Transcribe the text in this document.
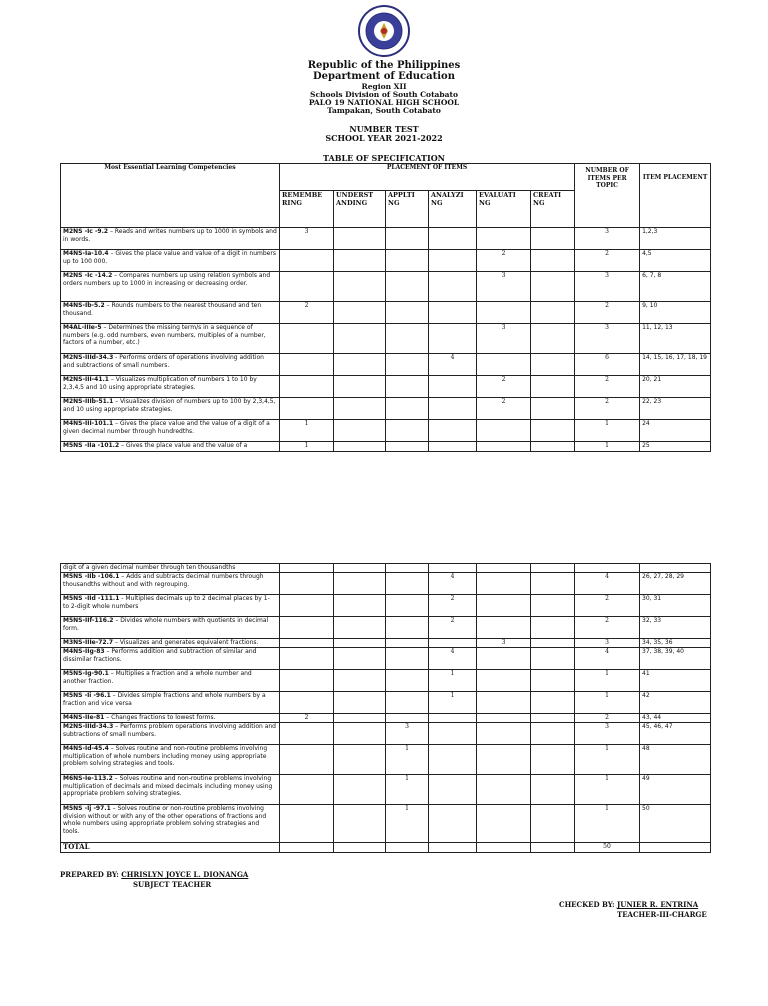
Republic of the Philippines
Department of Education
Region XII
Schools Division of South Cotabato
PALO 19 NATIONAL HIGH SCHOOL
Tampakan, South Cotabato
NUMBER TEST
SCHOOL YEAR 2021-2022
TABLE OF SPECIFICATION
Most Essential Learning Competencies	PLACEMENT OF ITEMS						NUMBER OF ITEMS PER TOPIC	ITEM PLACEMENT
	REMEMBE RING	UNDERST ANDING	APPLTI NG	ANALYZI NG	EVALUATI NG	CREATI NG		
M2NS -Ic -9.2 – Reads and writes numbers up to 1000 in symbols and in words.	3						3	1,2,3
M4NS-Ia-10.4 – Gives the place value and value of a digit in numbers up to 100 000.					2		2	4,5
M2NS -Ic -14.2 – Compares numbers up using relation symbols and orders numbers up to 1000 in increasing or decreasing order.					3		3	6, 7, 8
M4NS-Ib-5.2 – Rounds numbers to the nearest thousand and ten thousand.	2						2	9, 10
M4AL-IIIe-5 – Determines the missing term/s in a sequence of numbers (e.g. odd numbers, even numbers, multiples of a number, factors of a number, etc.)					3		3	11, 12, 13
M2NS-IIId-34.3 - Performs orders of operations involving addition and subtractions of small numbers.				4			6	14, 15, 16, 17, 18, 19
M2NS-III-41.1 – Visualizes multiplication of numbers 1 to 10 by 2,3,4,5 and 10 using appropriate strategies.					2		2	20, 21
M2NS-IIIb-51.1 – Visualizes division of numbers up to 100 by 2,3,4,5, and 10 using appropriate strategies.					2		2	22, 23
M4NS-III-101.1 – Gives the place value and the value of a digit of a given decimal number through hundredths.	1						1	24
M5NS -IIa -101.2 – Gives the place value and the value of a	1						1	25
digit of a given decimal number through ten thousandths								
M5NS -IIb -106.1 – Adds and subtracts decimal numbers through thousandths without and with regrouping.				4			4	26, 27, 28, 29
M5NS -IId -111.1 - Multiplies decimals up to 2 decimal places by 1- to 2-digit whole numbers				2			2	30, 31
M5NS-IIf-116.2 – Divides whole numbers with quotients in decimal form.				2			2	32, 33
M3NS-IIIe-72.7 – Visualizes and generates equivalent fractions.					3		3	34, 35, 36
M4NS-IIg-83 – Performs addition and subtraction of similar and dissimilar fractions.				4			4	37, 38, 39, 40
M5NS-Ig-90.1 – Multiplies a fraction and a whole number and another fraction.				1			1	41
M5NS -Ii -96.1 – Divides simple fractions and whole numbers by a fraction and vice versa				1			1	42
M4NS-IIe-81 – Changes fractions to lowest forms.	2						2	43, 44
M2NS-IIId-34.3 – Performs problem operations involving addition and subtractions of small numbers.			3				3	45, 46, 47
M4NS-Id-45.4 – Solves routine and non-routine problems involving multiplication of whole numbers including money using appropriate problem solving strategies and tools.			1				1	48
M6NS-Ie-113.2 – Solves routine and non-routine problems involving multiplication of decimals and mixed decimals including money using appropriate problem solving strategies.			1				1	49
M5NS -Ij -97.1 – Solves routine or non-routine problems involving division without or with any of the other operations of fractions and whole numbers using appropriate problem solving strategies and tools.			1				1	50
TOTAL							50	
PREPARED BY: CHRISLYN JOYCE L. DIONANGA
SUBJECT TEACHER
CHECKED BY: JUNIER R. ENTRINA
TEACHER-III-CHARGE
